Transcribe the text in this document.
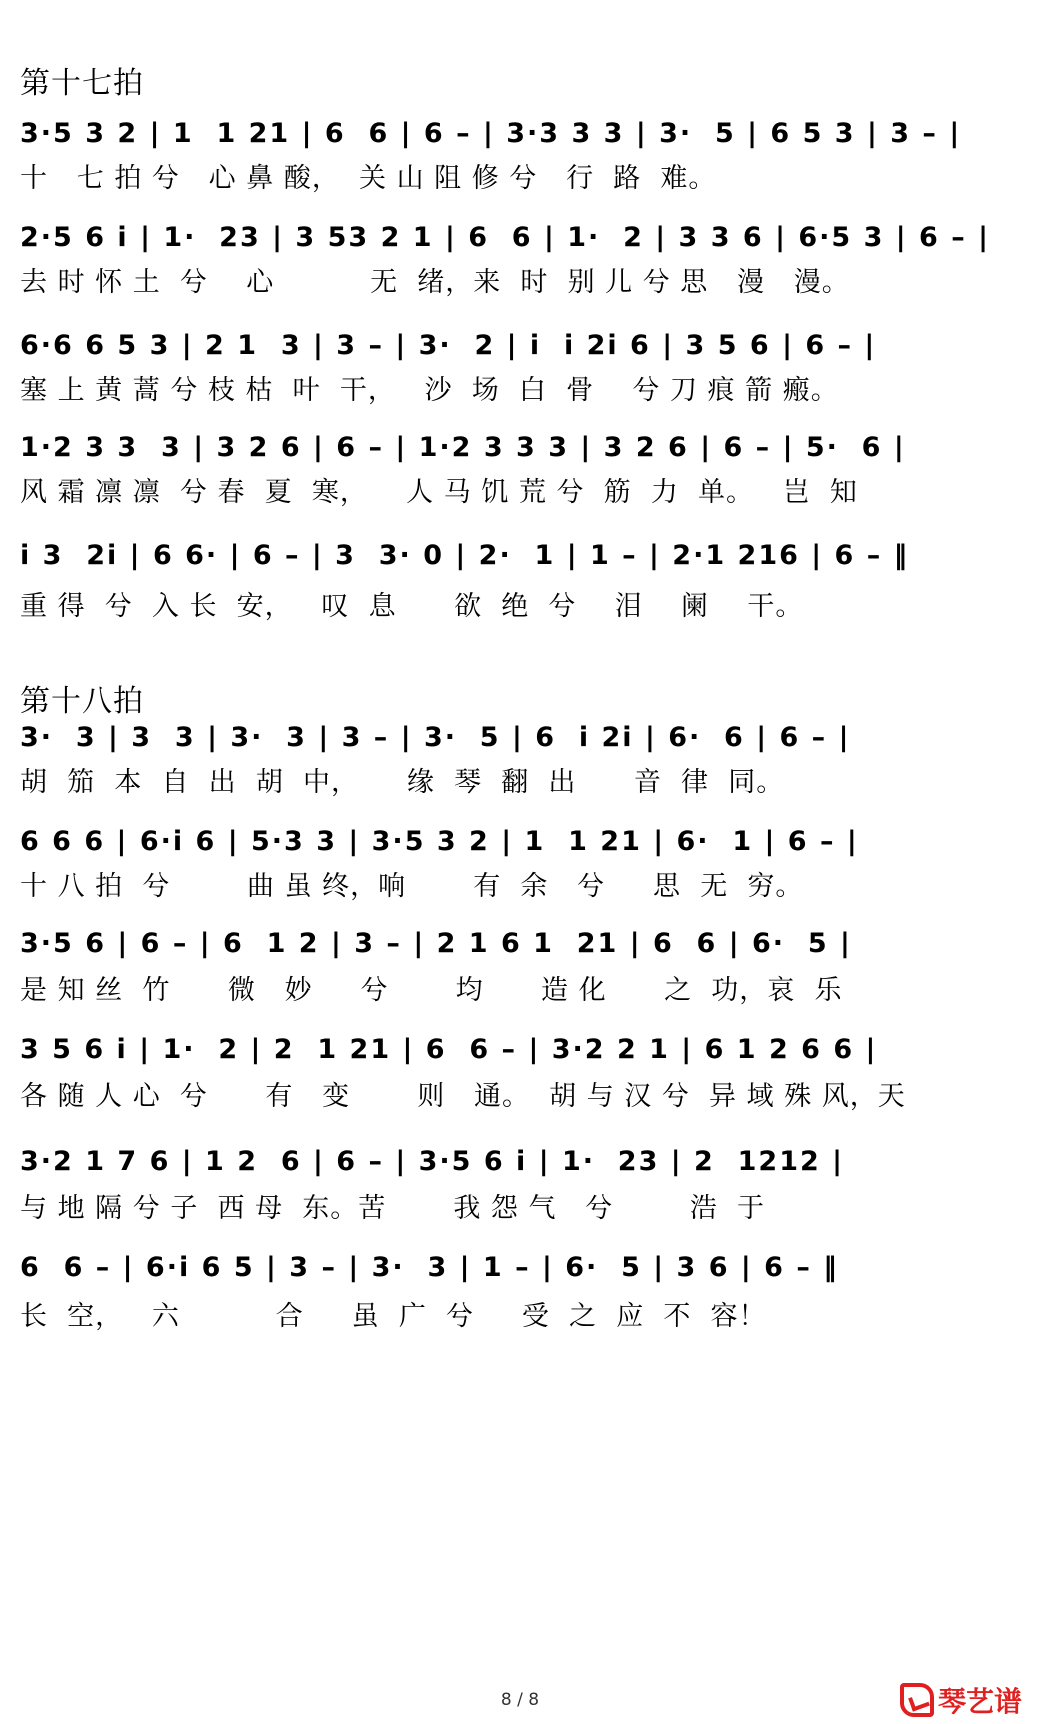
第十七拍
3·5 3 2 | 1  1 21 | 6  6 | 6 – | 3·3 3 3 | 3·  5 | 6 5 3 | 3 – |
十   七 拍 兮   心 鼻 酸，  关 山 阻 修 兮   行  路  难。
2·5 6 i | 1·  23 | 3 53 2 1 | 6  6 | 1·  2 | 3 3 6 | 6·5 3 | 6 – |
去 时 怀 土  兮    心          无  绪，来  时  别 儿 兮 思   漫   漫。
6·6 6 5 3 | 2 1  3 | 3 – | 3·  2 | i  i 2i 6 | 3 5 6 | 6 – |
塞 上 黄 蒿 兮 枝 枯  叶  干，   沙  场  白  骨    兮 刀 痕 箭 瘢。
1·2 3 3  3 | 3 2 6 | 6 – | 1·2 3 3 3 | 3 2 6 | 6 – | 5·  6 |
风 霜 凛 凛  兮 春  夏  寒，    人 马 饥 荒 兮  筋  力  单。   岂  知
i 3  2i | 6 6· | 6 – | 3  3· 0 | 2·  1 | 1 – | 2·1 216 | 6 – ‖
重 得  兮  入 长  安，   叹  息      欲  绝  兮    泪    阑    干。
第十八拍
3·  3 | 3  3 | 3·  3 | 3 – | 3·  5 | 6  i 2i | 6·  6 | 6 – |
胡  笳  本  自  出  胡  中，     缘  琴  翻  出      音  律  同。
6 6 6 | 6·i 6 | 5·3 3 | 3·5 3 2 | 1  1 21 | 6·  1 | 6 – |
十 八 拍  兮        曲 虽 终，响       有  余   兮     思  无  穷。
3·5 6 | 6 – | 6  1 2 | 3 – | 2 1 6 1  21 | 6  6 | 6·  5 |
是 知 丝  竹      微   妙     兮       均      造 化      之  功，哀  乐
3 5 6 i | 1·  2 | 2  1 21 | 6  6 – | 3·2 2 1 | 6 1 2 6 6 |
各 随 人 心  兮      有   变       则   通。  胡 与 汉 兮  异 域 殊 风，天
3·2 1 7 6 | 1 2  6 | 6 – | 3·5 6 i | 1·  23 | 2  1212 |
与 地 隔 兮 子  西 母  东。苦       我 怨 气   兮        浩  于
6  6 – | 6·i 6 5 | 3 – | 3·  3 | 1 – | 6·  5 | 3 6 | 6 – ‖
长  空，   六          合     虽  广  兮     受  之  应  不  容！
8 / 8	琴艺谱
